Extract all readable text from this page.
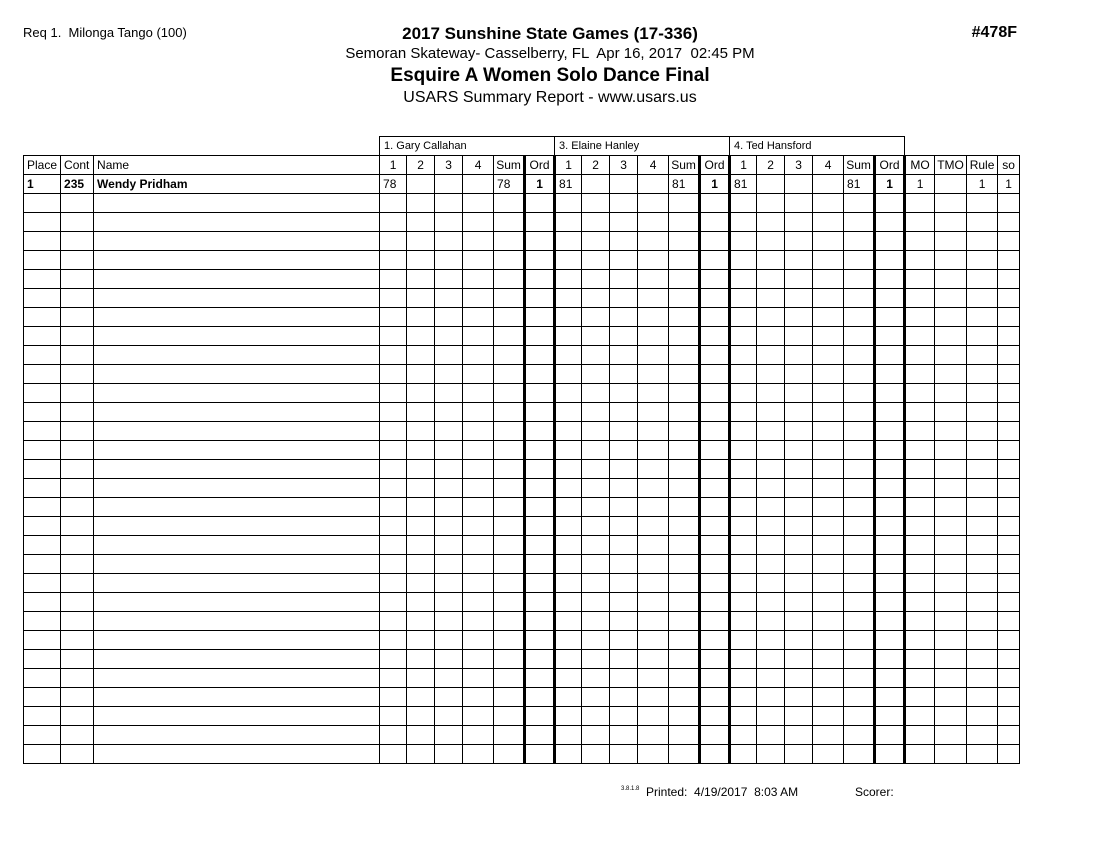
Req 1.  Milonga Tango (100)	#478F
2017 Sunshine State Games (17-336)
Semoran Skateway- Casselberry, FL  Apr 16, 2017  02:45 PM
Esquire A Women Solo Dance Final
USARS Summary Report - www.usars.us
			1. Gary Callahan						3. Elaine Hanley						4. Ted Hansford									
Place	Cont	Name	1	2	3	4	Sum	Ord	1	2	3	4	Sum	Ord	1	2	3	4	Sum	Ord	MO	TMO	Rule	so
1	235	Wendy Pridham	78				78	1	81				81	1	81				81	1	1		1	1

3.8.1.8 Printed:  4/19/2017  8:03 AM	Scorer:
